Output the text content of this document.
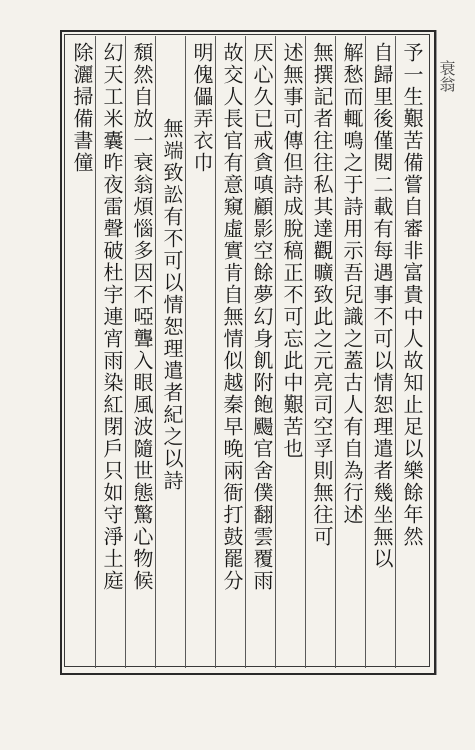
衰翁
予一生艱苦備嘗自審非富貴中人故知止足以樂餘年然
自歸里後僅閱二載有每遇事不可以情恕理遣者幾坐無以
解愁而輒鳴之于詩用示吾兒識之蓋古人有自為行述
無撰記者往往私其達觀曠致此之元亮司空孚則無往可
述無事可傳但詩成脫稿正不可忘此中艱苦也
厌心久已戒貪嗔顧影空餘夢幻身飢附飽颺官舍僕翻雲覆雨
故交人長官有意窺虛實肯自無情似越秦早晚兩衙打鼓罷分
明傀儡弄衣巾
無端致訟有不可以情恕理遣者紀之以詩
頹然自放一衰翁煩惱多因不啞聾入眼風波隨世態驚心物候
幻天工米囊昨夜雷聲破杜宇連宵雨染紅閉戶只如守淨土庭
除灑掃備書僮
